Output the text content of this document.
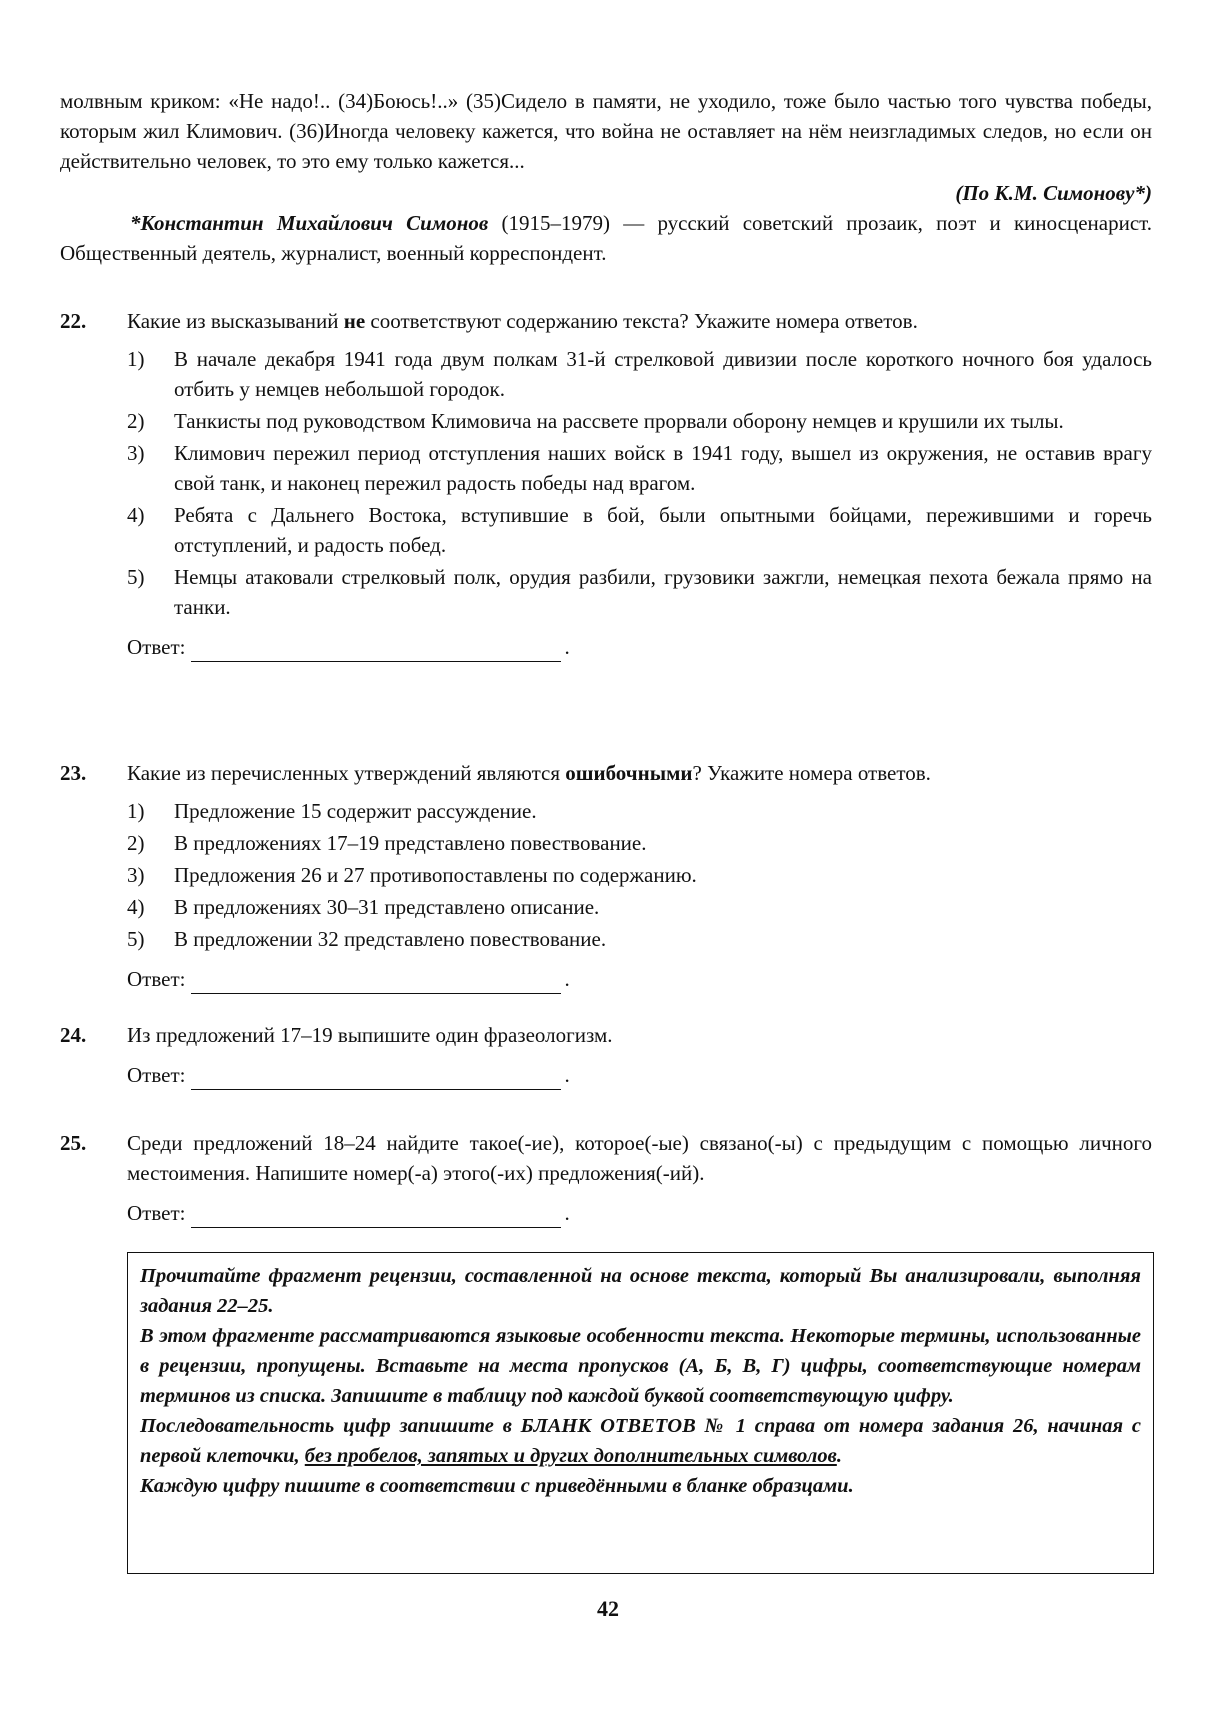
молвным криком: «Не надо!.. (34)Боюсь!..» (35)Сидело в памяти, не уходило, тоже было частью того чувства победы, которым жил Климович. (36)Иногда человеку кажется, что война не оставляет на нём неизгладимых следов, но если он действительно человек, то это ему только кажется...

(По К.М. Симонову*)

*Константин Михайлович Симонов (1915–1979) — русский советский прозаик, поэт и киносценарист. Общественный деятель, журналист, военный корреспондент.

22. Какие из высказываний не соответствуют содержанию текста? Укажите номера ответов.
1) В начале декабря 1941 года двум полкам 31-й стрелковой дивизии после короткого ночного боя удалось отбить у немцев небольшой городок.
2) Танкисты под руководством Климовича на рассвете прорвали оборону немцев и крушили их тылы.
3) Климович пережил период отступления наших войск в 1941 году, вышел из окружения, не оставив врагу свой танк, и наконец пережил радость победы над врагом.
4) Ребята с Дальнего Востока, вступившие в бой, были опытными бойцами, пережившими и горечь отступлений, и радость побед.
5) Немцы атаковали стрелковый полк, орудия разбили, грузовики зажгли, немецкая пехота бежала прямо на танки.
Ответ:	.
23. Какие из перечисленных утверждений являются ошибочными? Укажите номера ответов.
1) Предложение 15 содержит рассуждение.
2) В предложениях 17–19 представлено повествование.
3) Предложения 26 и 27 противопоставлены по содержанию.
4) В предложениях 30–31 представлено описание.
5) В предложении 32 представлено повествование.
Ответ:	.
24. Из предложений 17–19 выпишите один фразеологизм.
Ответ:	.
25. Среди предложений 18–24 найдите такое(-ие), которое(-ые) связано(-ы) с предыдущим с помощью личного местоимения. Напишите номер(-а) этого(-их) предложения(-ий).
Ответ:	.

Прочитайте фрагмент рецензии, составленной на основе текста, который Вы анализировали, выполняя задания 22–25.

В этом фрагменте рассматриваются языковые особенности текста. Некоторые термины, использованные в рецензии, пропущены. Вставьте на места пропусков (А, Б, В, Г) цифры, соответствующие номерам терминов из списка. Запишите в таблицу под каждой буквой соответствующую цифру.

Последовательность цифр запишите в БЛАНК ОТВЕТОВ № 1 справа от номера задания 26, начиная с первой клеточки, без пробелов, запятых и других дополнительных символов.

Каждую цифру пишите в соответствии с приведёнными в бланке образцами.

42
